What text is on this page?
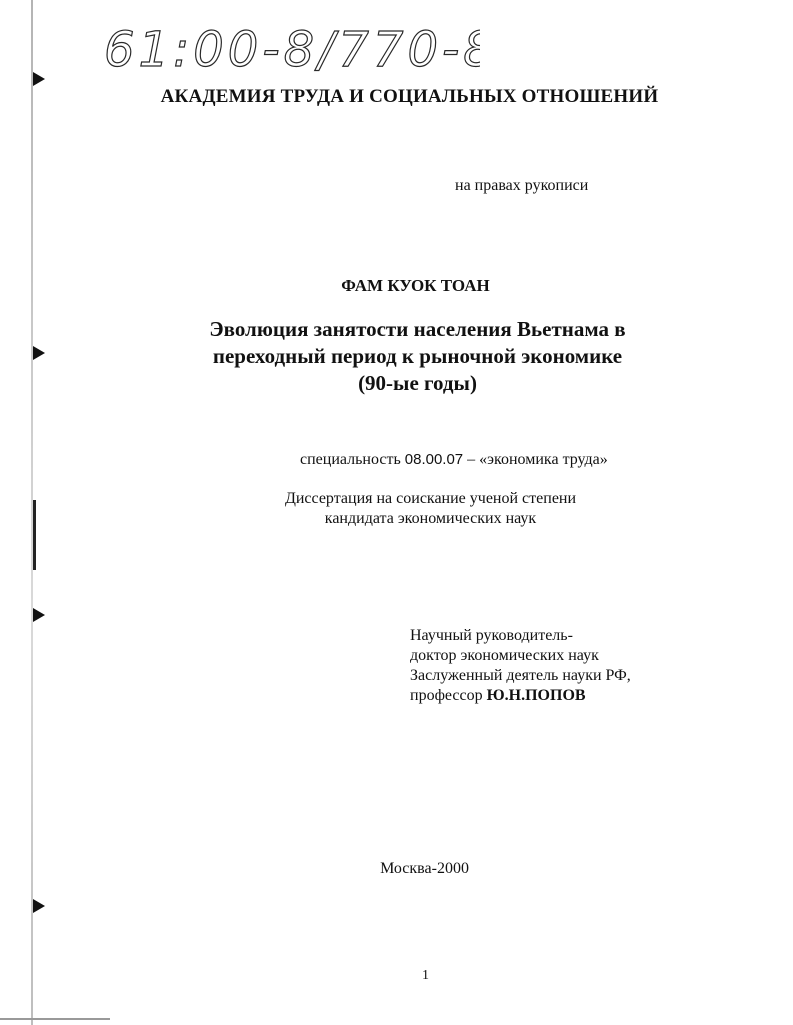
61:00-8/770-8
АКАДЕМИЯ ТРУДА И СОЦИАЛЬНЫХ ОТНОШЕНИЙ
на правах рукописи
ФАМ КУОК ТОАН
Эволюция занятости населения Вьетнама в
переходный период к рыночной экономике
(90-ые годы)
специальность 08.00.07 – «экономика труда»
Диссертация на соискание ученой степени
кандидата экономических наук
Научный руководитель-
доктор экономических наук
Заслуженный деятель науки РФ,
профессор Ю.Н.ПОПОВ
Москва-2000
1
